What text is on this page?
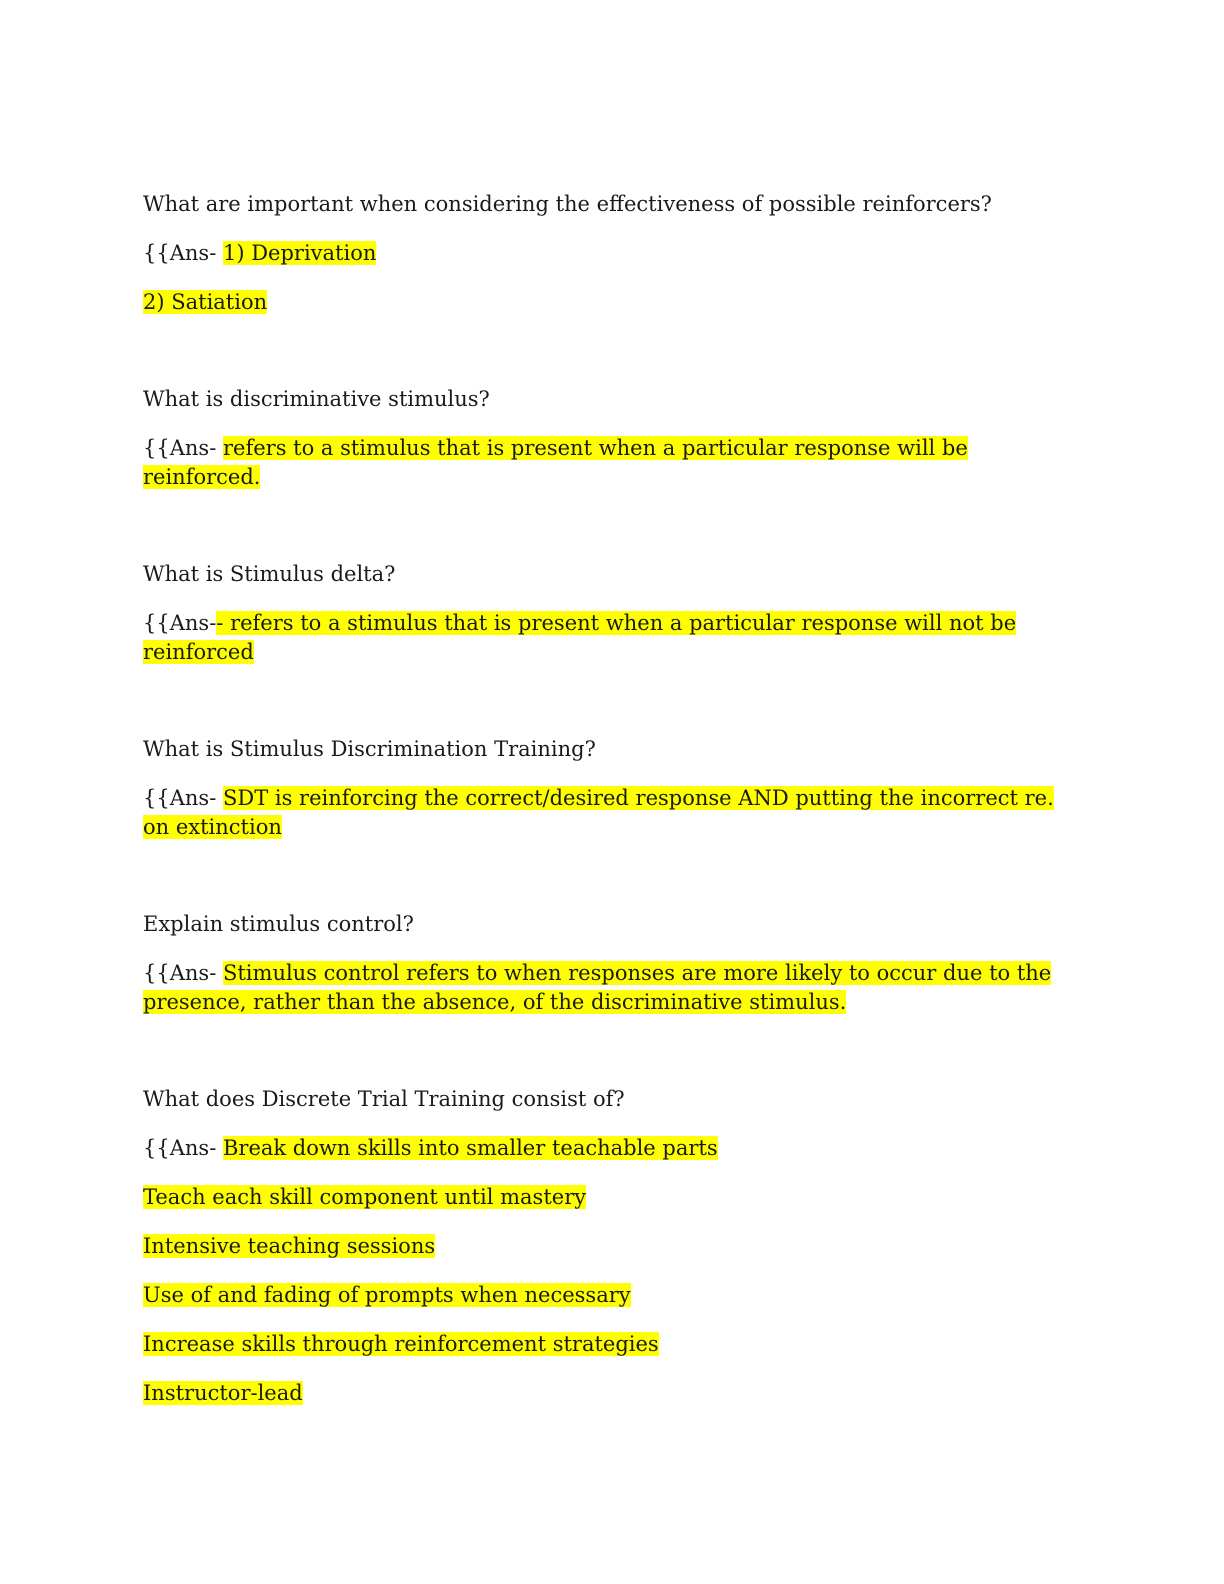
What are important when considering the effectiveness of possible reinforcers?

{{Ans- 1) Deprivation

2) Satiation

What is discriminative stimulus?

{{Ans- refers to a stimulus that is present when a particular response will be reinforced.

What is Stimulus delta?

{{Ans-- refers to a stimulus that is present when a particular response will not be reinforced

What is Stimulus Discrimination Training?

{{Ans- SDT is reinforcing the correct/desired response AND putting the incorrect re. on extinction

Explain stimulus control?

{{Ans- Stimulus control refers to when responses are more likely to occur due to the presence, rather than the absence, of the discriminative stimulus.

What does Discrete Trial Training consist of?

{{Ans- Break down skills into smaller teachable parts

Teach each skill component until mastery

Intensive teaching sessions

Use of and fading of prompts when necessary

Increase skills through reinforcement strategies

Instructor-lead
